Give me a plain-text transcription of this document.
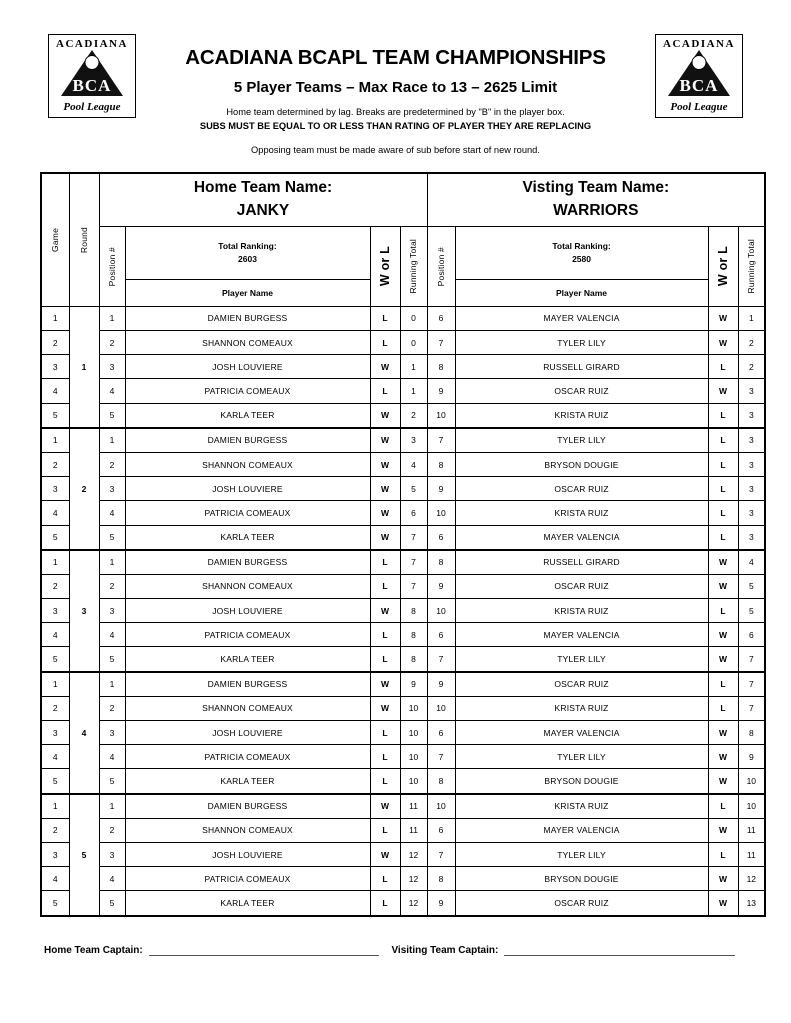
ACADIANA
BCA
Pool League
ACADIANA BCAPL TEAM CHAMPIONSHIPS
5 Player Teams – Max Race to 13 – 2625 Limit
Home team determined by lag. Breaks are predetermined by "B" in the player box.
SUBS MUST BE EQUAL TO OR LESS THAN RATING OF PLAYER THEY ARE REPLACING
Opposing team must be made aware of sub before start of new round.
ACADIANA
BCA
Pool League
Game	Round

Home Team Name:
JANKY

Visting Team Name:
WARRIORS

Position #

Total Ranking:
2603	W or L	Running Total	Position #

Total Ranking:
2580	W or L	Running Total

			Player Name				Player Name		
1	1	1	DAMIEN BURGESS	L	0	6	MAYER VALENCIA	W	1
2		2	SHANNON COMEAUX	L	0	7	TYLER LILY	W	2
3		3	JOSH LOUVIERE	W	1	8	RUSSELL GIRARD	L	2
4		4	PATRICIA COMEAUX	L	1	9	OSCAR RUIZ	W	3
5		5	KARLA TEER	W	2	10	KRISTA RUIZ	L	3
1	2	1	DAMIEN BURGESS	W	3	7	TYLER LILY	L	3
2		2	SHANNON COMEAUX	W	4	8	BRYSON DOUGIE	L	3
3		3	JOSH LOUVIERE	W	5	9	OSCAR RUIZ	L	3
4		4	PATRICIA COMEAUX	W	6	10	KRISTA RUIZ	L	3
5		5	KARLA TEER	W	7	6	MAYER VALENCIA	L	3
1	3	1	DAMIEN BURGESS	L	7	8	RUSSELL GIRARD	W	4
2		2	SHANNON COMEAUX	L	7	9	OSCAR RUIZ	W	5
3		3	JOSH LOUVIERE	W	8	10	KRISTA RUIZ	L	5
4		4	PATRICIA COMEAUX	L	8	6	MAYER VALENCIA	W	6
5		5	KARLA TEER	L	8	7	TYLER LILY	W	7
1	4	1	DAMIEN BURGESS	W	9	9	OSCAR RUIZ	L	7
2		2	SHANNON COMEAUX	W	10	10	KRISTA RUIZ	L	7
3		3	JOSH LOUVIERE	L	10	6	MAYER VALENCIA	W	8
4		4	PATRICIA COMEAUX	L	10	7	TYLER LILY	W	9
5		5	KARLA TEER	L	10	8	BRYSON DOUGIE	W	10
1	5	1	DAMIEN BURGESS	W	11	10	KRISTA RUIZ	L	10
2		2	SHANNON COMEAUX	L	11	6	MAYER VALENCIA	W	11
3		3	JOSH LOUVIERE	W	12	7	TYLER LILY	L	11
4		4	PATRICIA COMEAUX	L	12	8	BRYSON DOUGIE	W	12
5		5	KARLA TEER	L	12	9	OSCAR RUIZ	W	13
Home Team Captain:	Visiting Team Captain:
